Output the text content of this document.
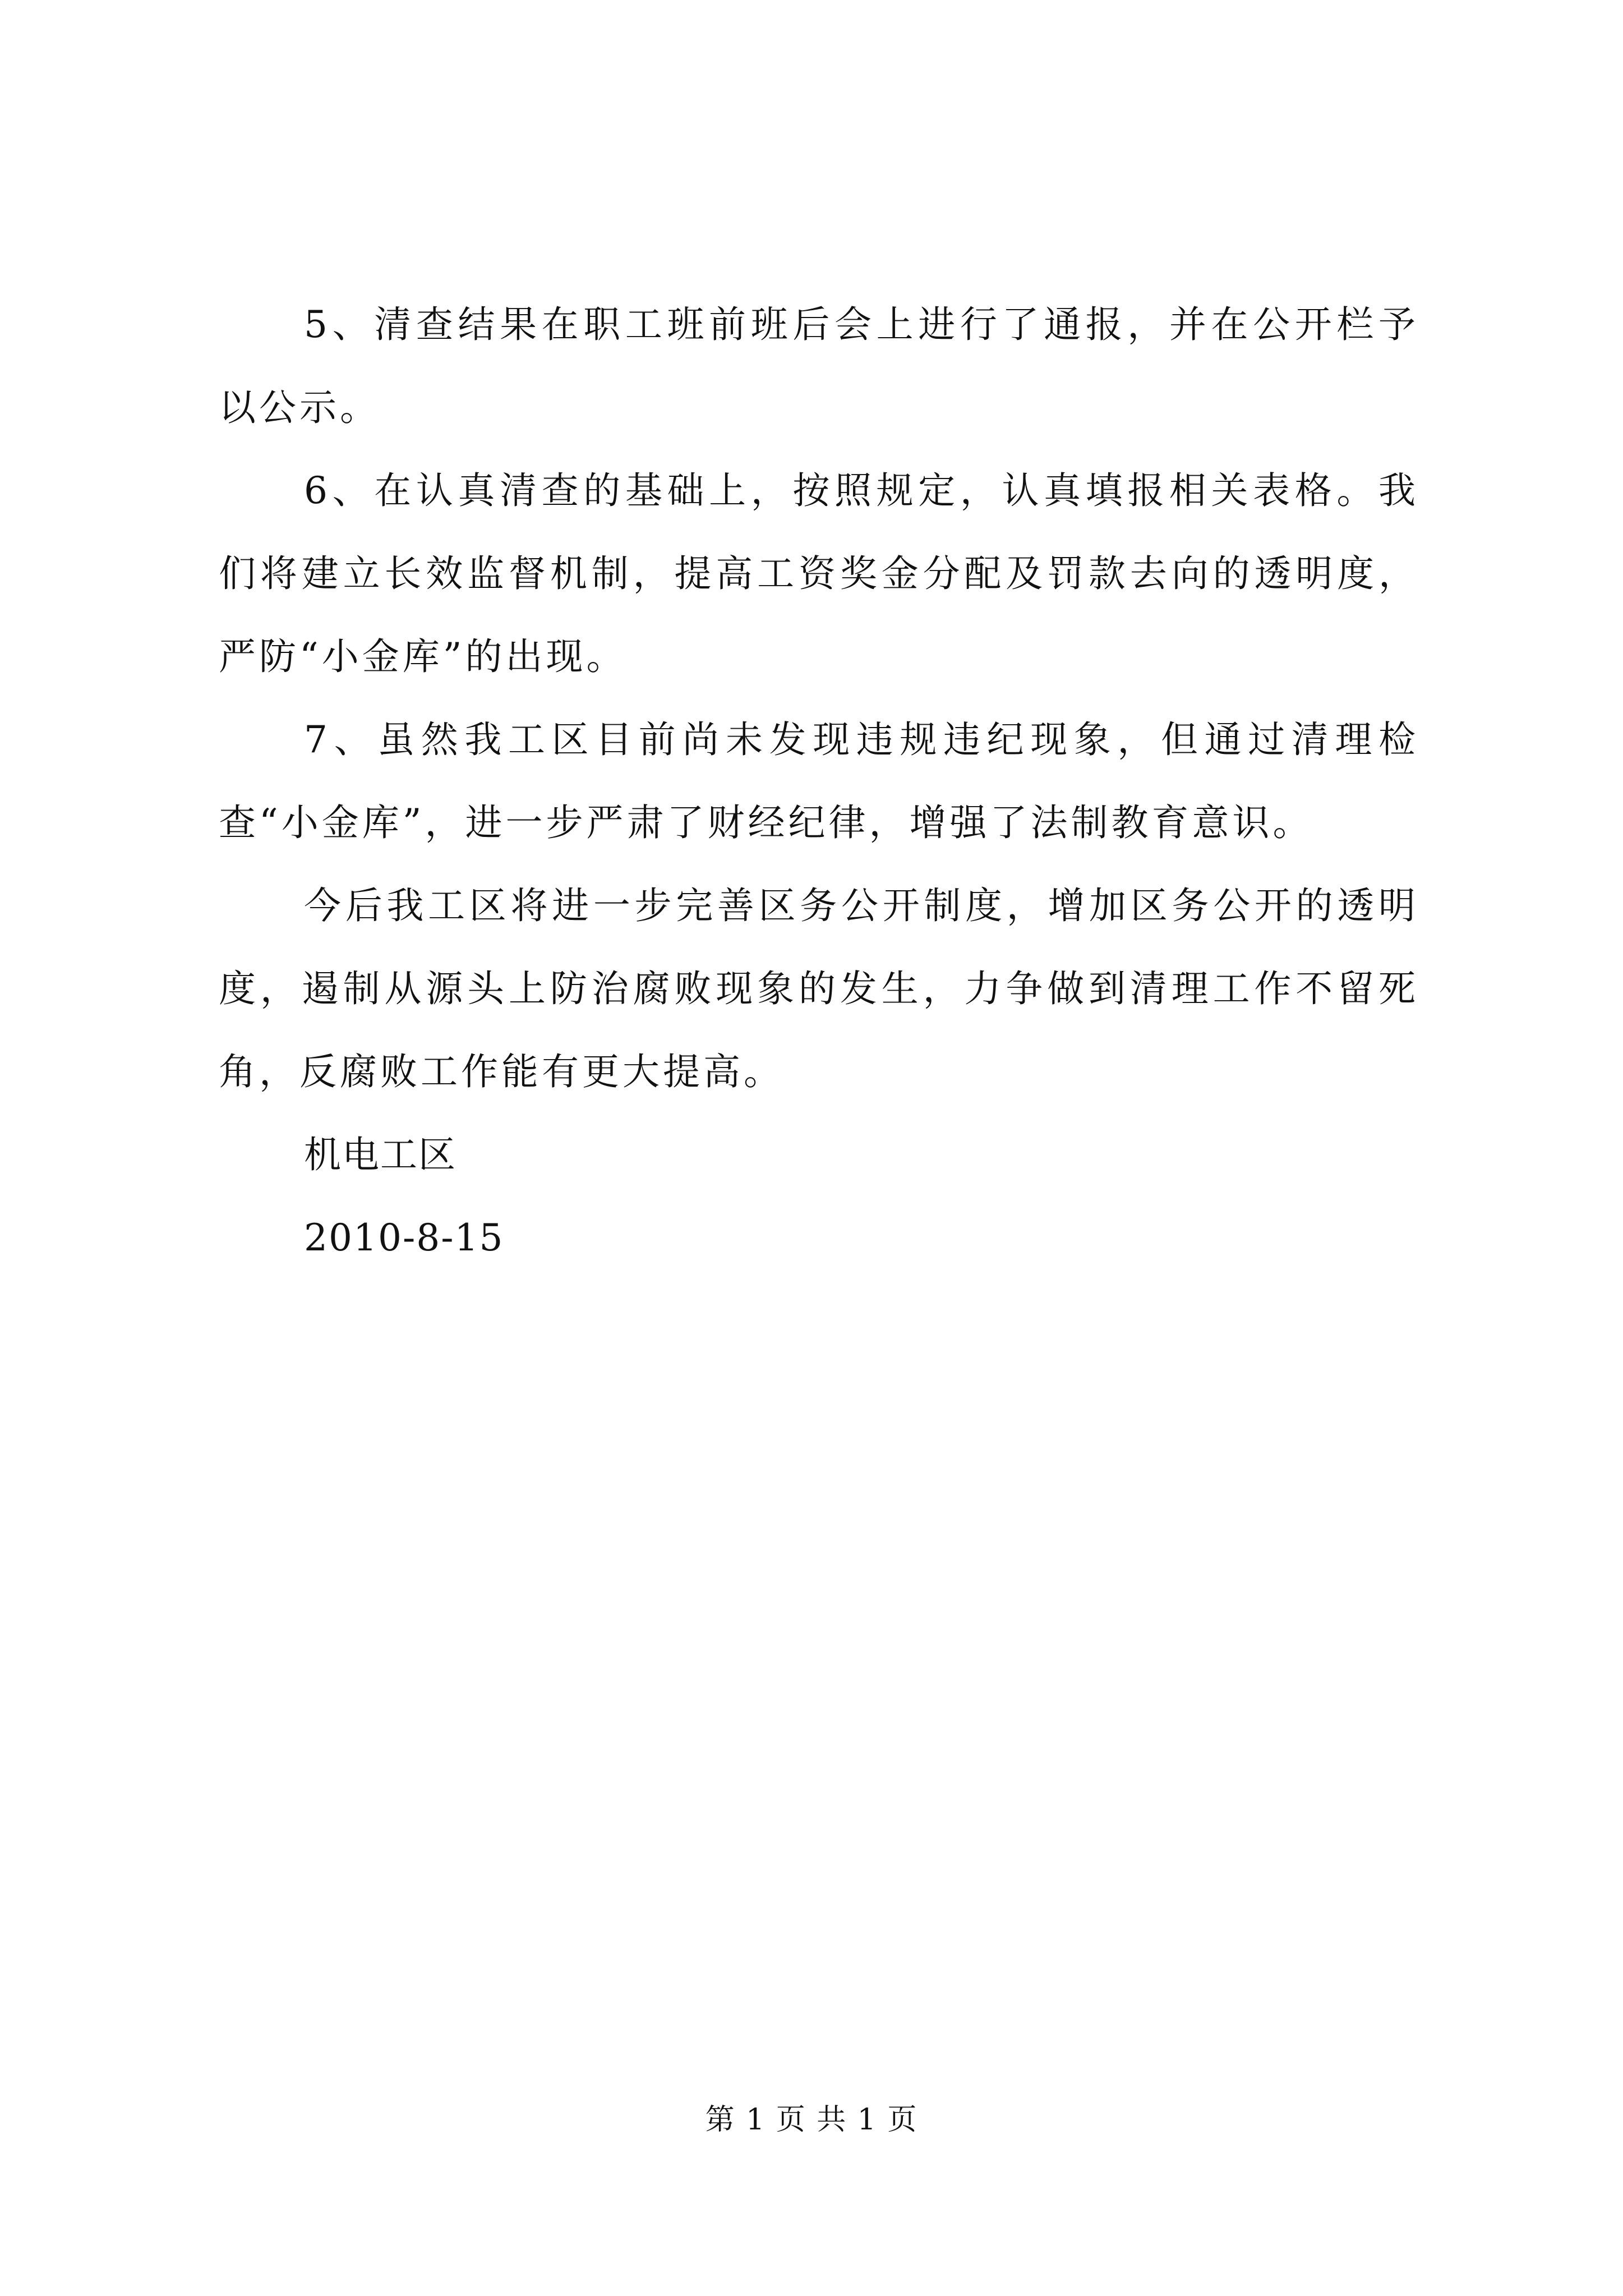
5、清查结果在职工班前班后会上进行了通报，并在公开栏予以公示。

6、在认真清查的基础上，按照规定，认真填报相关表格。我们将建立长效监督机制，提高工资奖金分配及罚款去向的透明度，严防“小金库”的出现。

7、虽然我工区目前尚未发现违规违纪现象，但通过清理检查“小金库”，进一步严肃了财经纪律，增强了法制教育意识。

今后我工区将进一步完善区务公开制度，增加区务公开的透明度，遏制从源头上防治腐败现象的发生，力争做到清理工作不留死角，反腐败工作能有更大提高。

机电工区

2010-8-15

第 1 页 共 1 页
